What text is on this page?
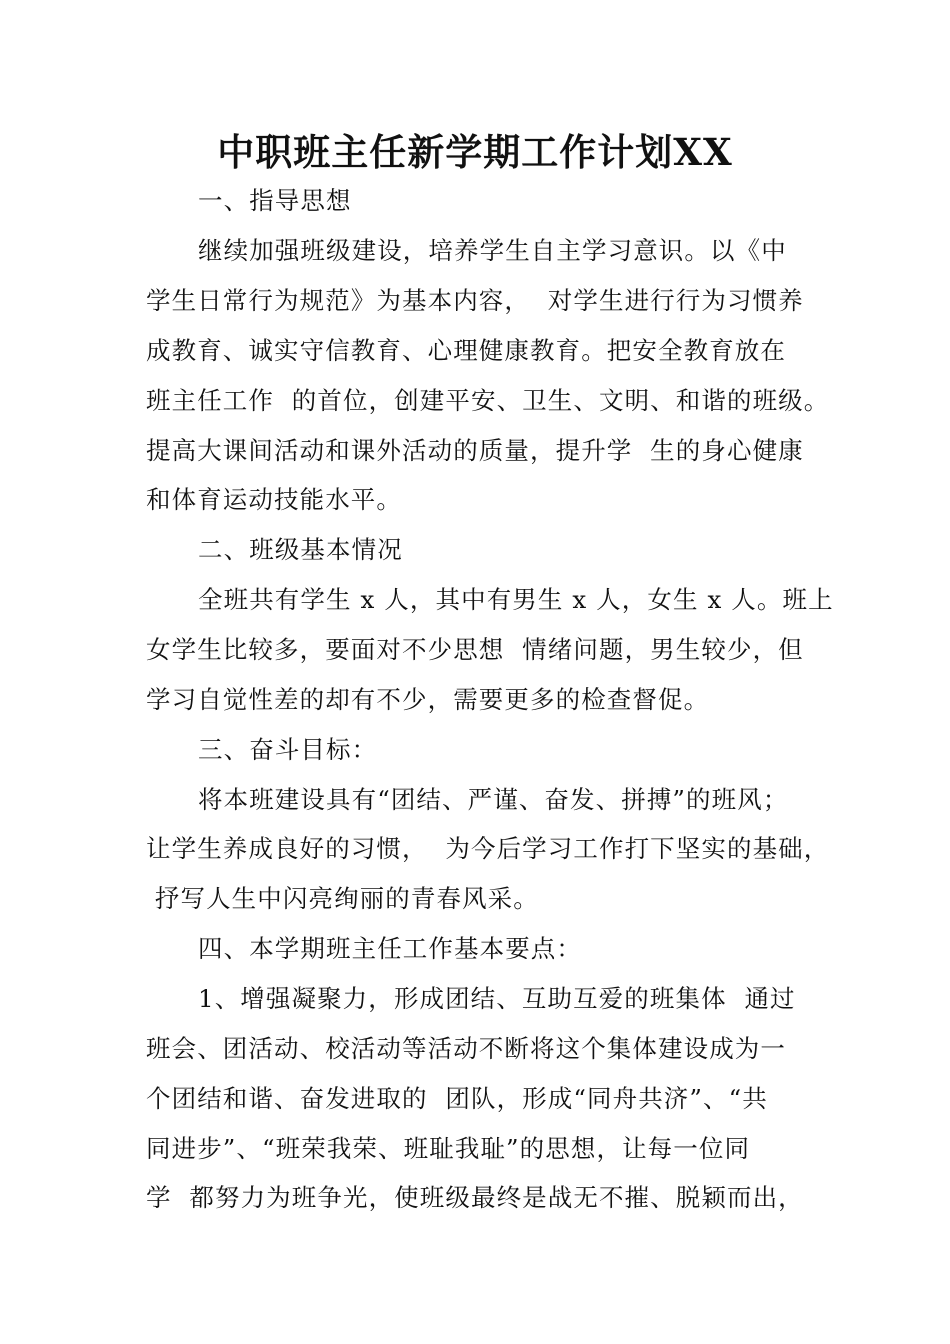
中职班主任新学期工作计划XX
一、指导思想
继续加强班级建设，培养学生自主学习意识。以《中
学生日常行为规范》为基本内容，  对学生进行行为习惯养
成教育、诚实守信教育、心理健康教育。把安全教育放在
班主任工作  的首位，创建平安、卫生、文明、和谐的班级。
提高大课间活动和课外活动的质量，提升学  生的身心健康
和体育运动技能水平。
二、班级基本情况
全班共有学生 x 人，其中有男生 x 人，女生 x 人。班上
女学生比较多，要面对不少思想  情绪问题，男生较少，但
学习自觉性差的却有不少，需要更多的检查督促。
三、奋斗目标：
将本班建设具有“团结、严谨、奋发、拼搏”的班风；
让学生养成良好的习惯，  为今后学习工作打下坚实的基础，
抒写人生中闪亮绚丽的青春风采。
四、本学期班主任工作基本要点：
1、增强凝聚力，形成团结、互助互爱的班集体  通过
班会、团活动、校活动等活动不断将这个集体建设成为一
个团结和谐、奋发进取的  团队，形成“同舟共济”、“共
同进步”、“班荣我荣、班耻我耻”的思想，让每一位同
学  都努力为班争光，使班级最终是战无不摧、脱颖而出，
